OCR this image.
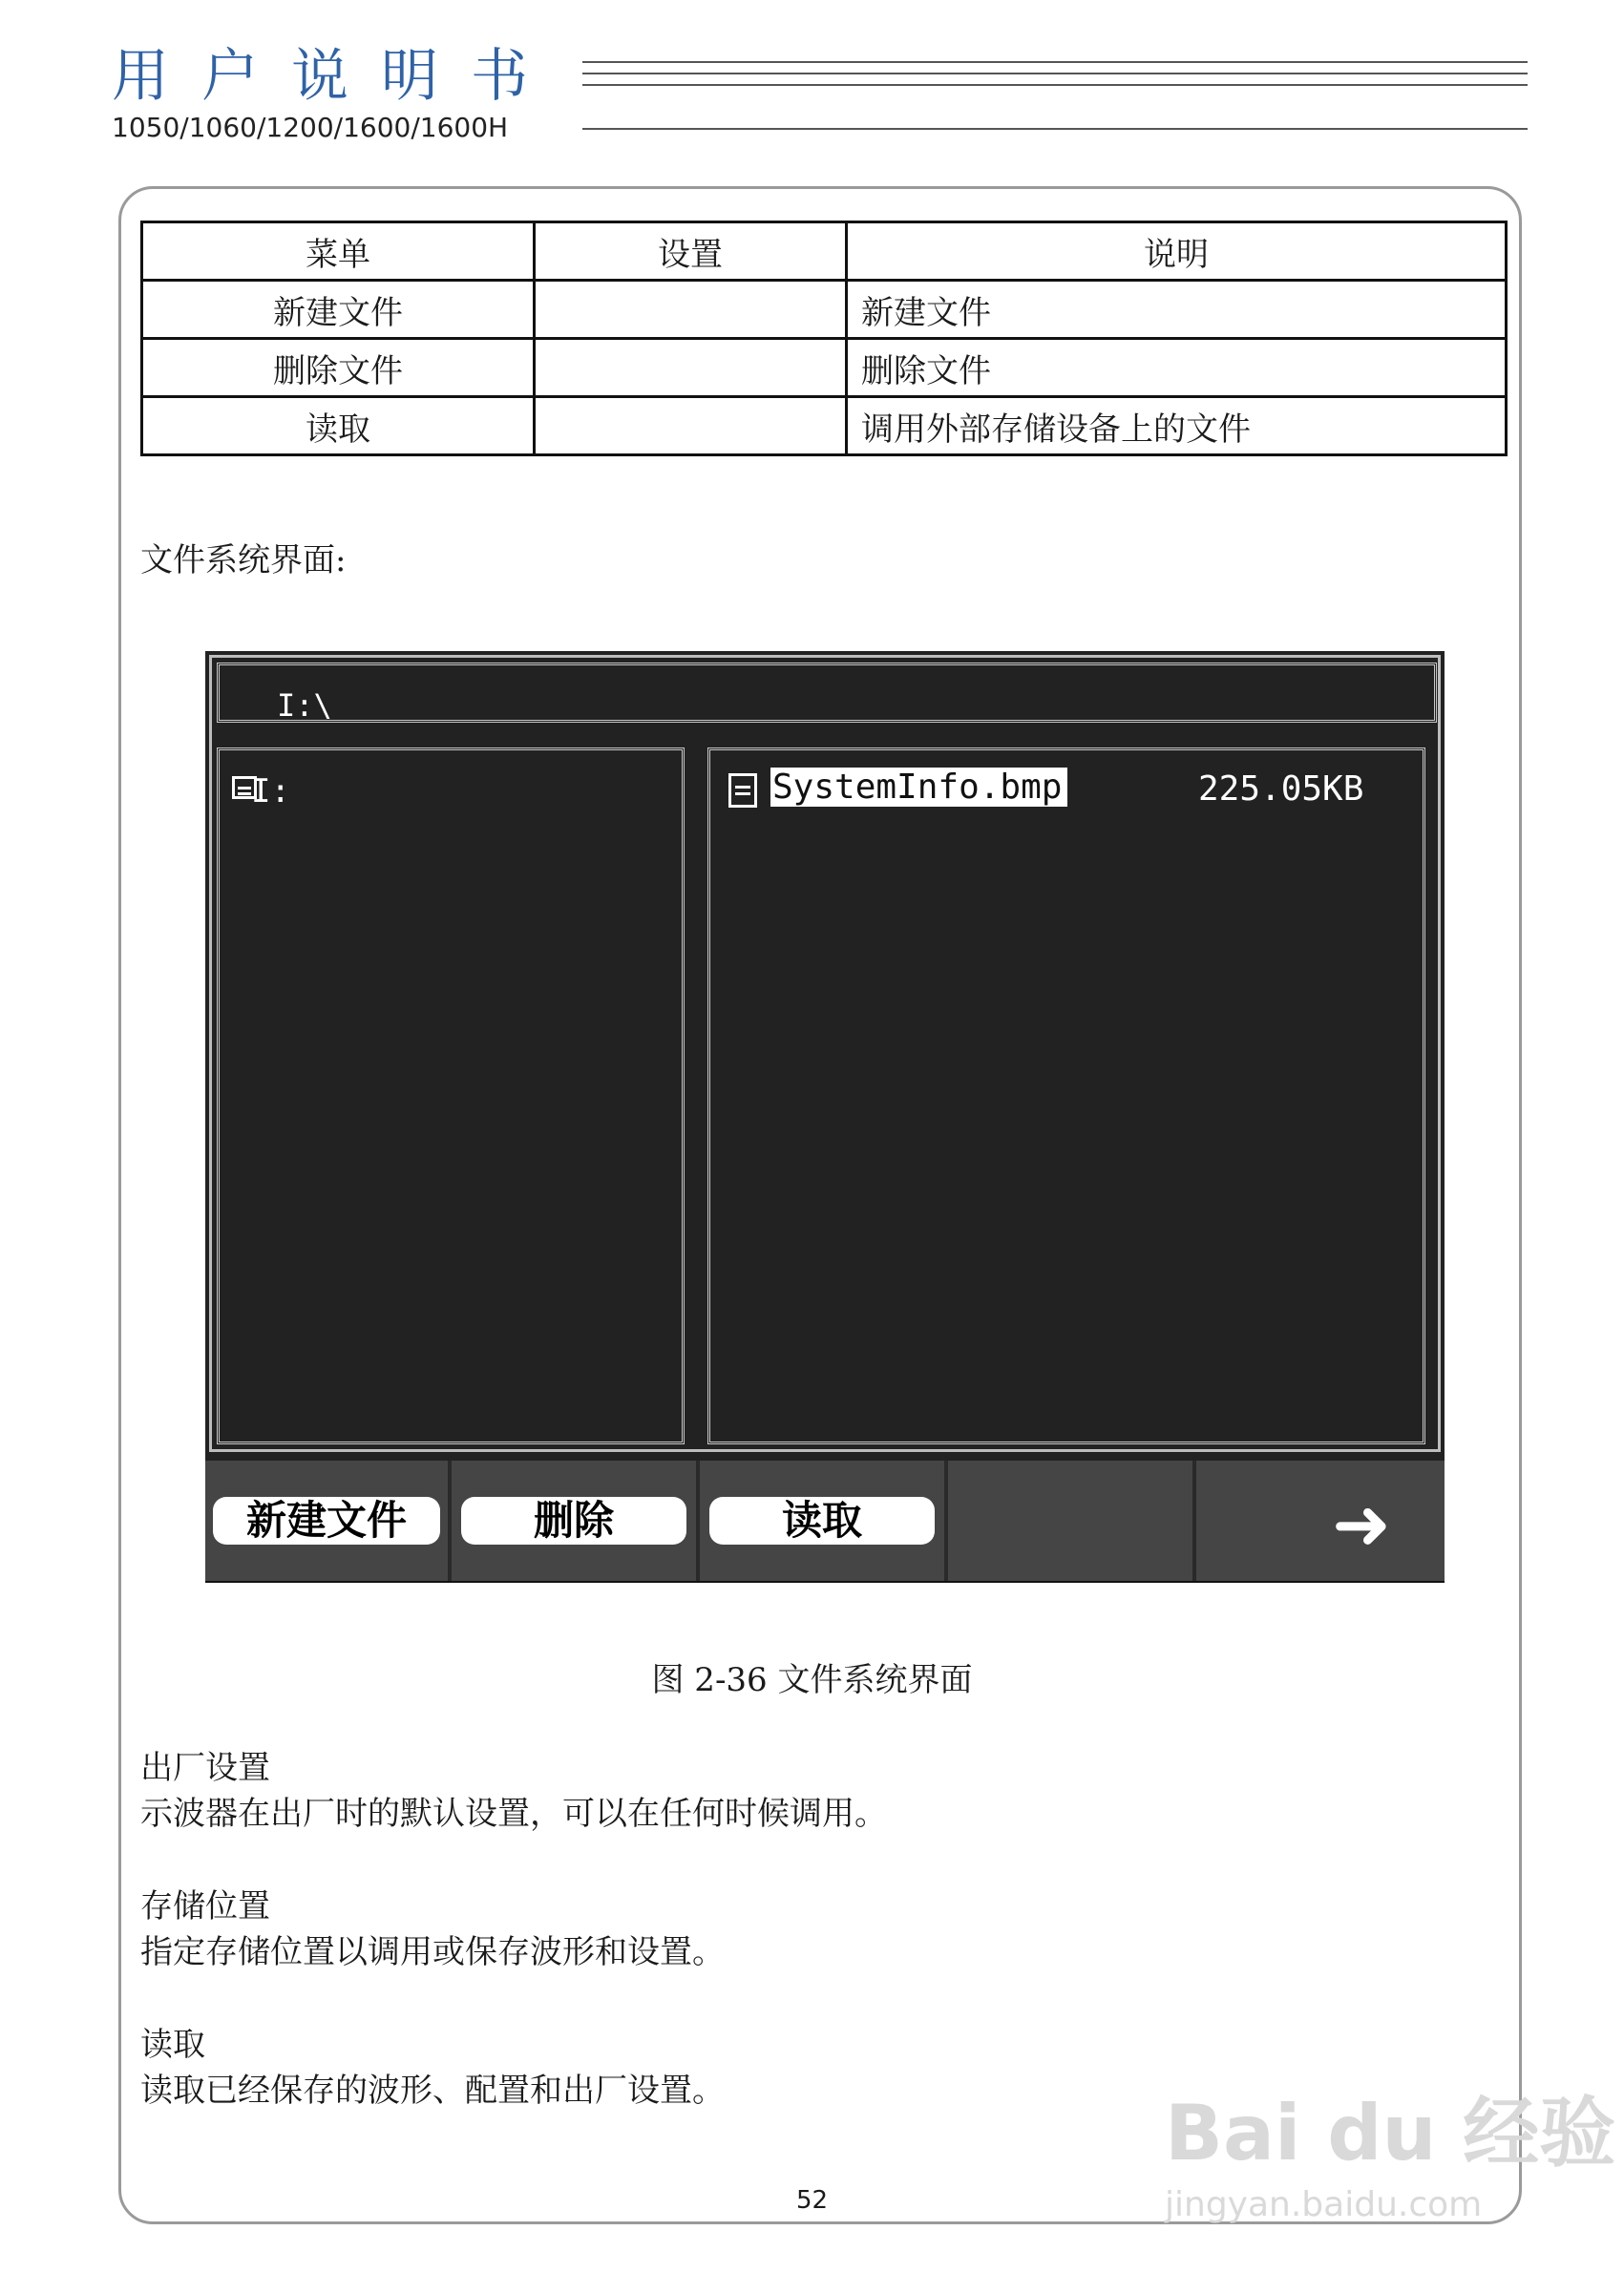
用户说明书
1050/1060/1200/1600/1600H
菜单	设置	说明
新建文件		新建文件
删除文件		删除文件
读取		调用外部存储设备上的文件
文件系统界面:
I:\
I:	SystemInfo.bmp	225.05KB
新建文件	删除	读取	➜
图 2-36 文件系统界面
出厂设置
示波器在出厂时的默认设置，可以在任何时候调用。
存储位置
指定存储位置以调用或保存波形和设置。
读取
读取已经保存的波形、配置和出厂设置。
52
Bai du 经验
jingyan.baidu.com
